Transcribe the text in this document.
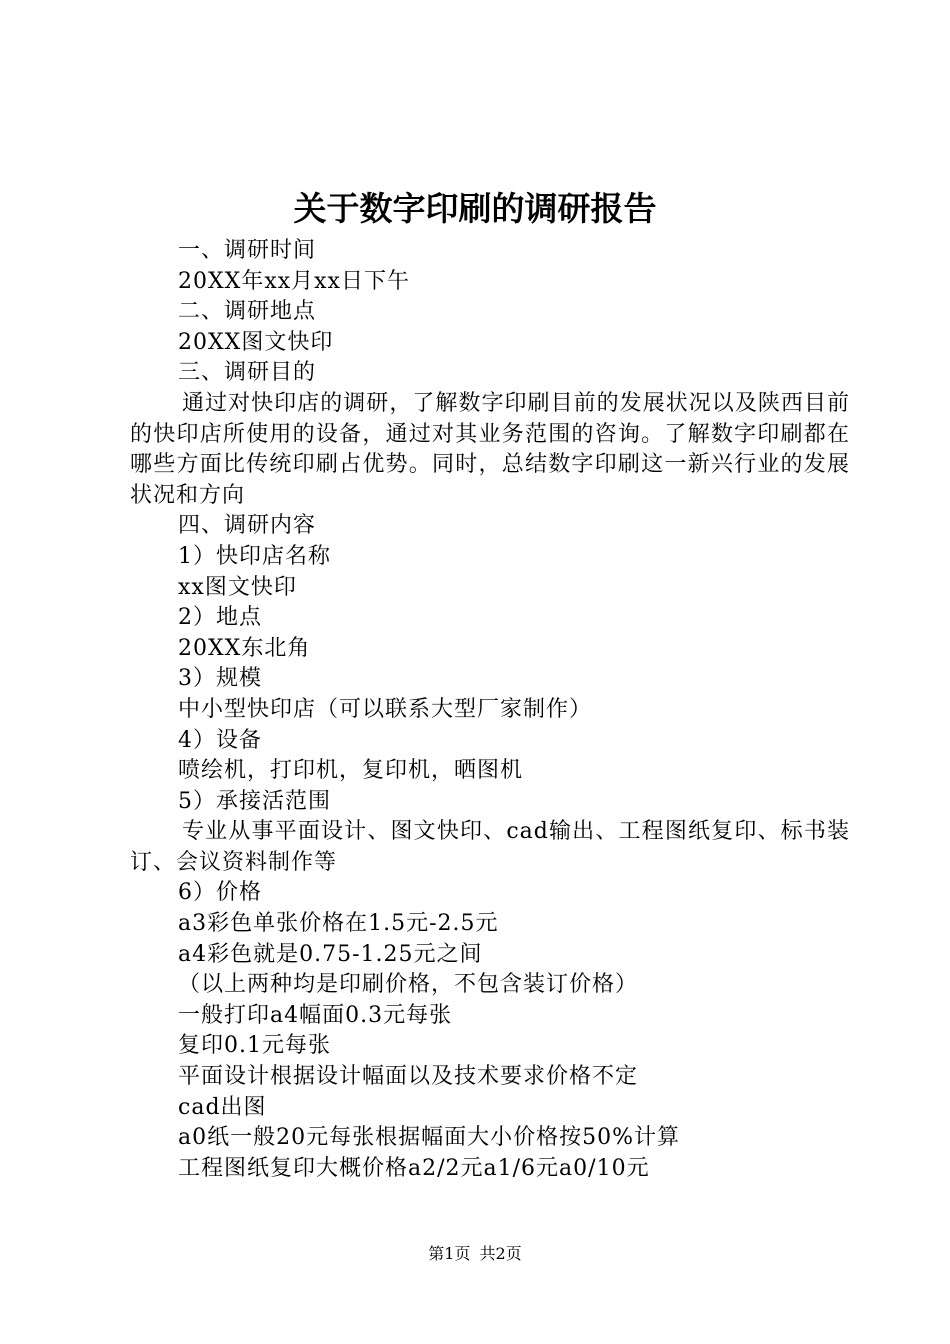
关于数字印刷的调研报告

一、调研时间

20XX年xx月xx日下午

二、调研地点

20XX图文快印

三、调研目的

通过对快印店的调研，了解数字印刷目前的发展状况以及陕西目前的快印店所使用的设备，通过对其业务范围的咨询。了解数字印刷都在哪些方面比传统印刷占优势。同时，总结数字印刷这一新兴行业的发展状况和方向

四、调研内容

1）快印店名称

xx图文快印

2）地点

20XX东北角

3）规模

中小型快印店（可以联系大型厂家制作）

4）设备

喷绘机，打印机，复印机，晒图机

5）承接活范围

专业从事平面设计、图文快印、cad输出、工程图纸复印、标书装订、会议资料制作等

6）价格

a3彩色单张价格在1.5元-2.5元

a4彩色就是0.75-1.25元之间

（以上两种均是印刷价格，不包含装订价格）

一般打印a4幅面0.3元每张

复印0.1元每张

平面设计根据设计幅面以及技术要求价格不定

cad出图

a0纸一般20元每张根据幅面大小价格按50%计算

工程图纸复印大概价格a2/2元a1/6元a0/10元

第1页 共2页
